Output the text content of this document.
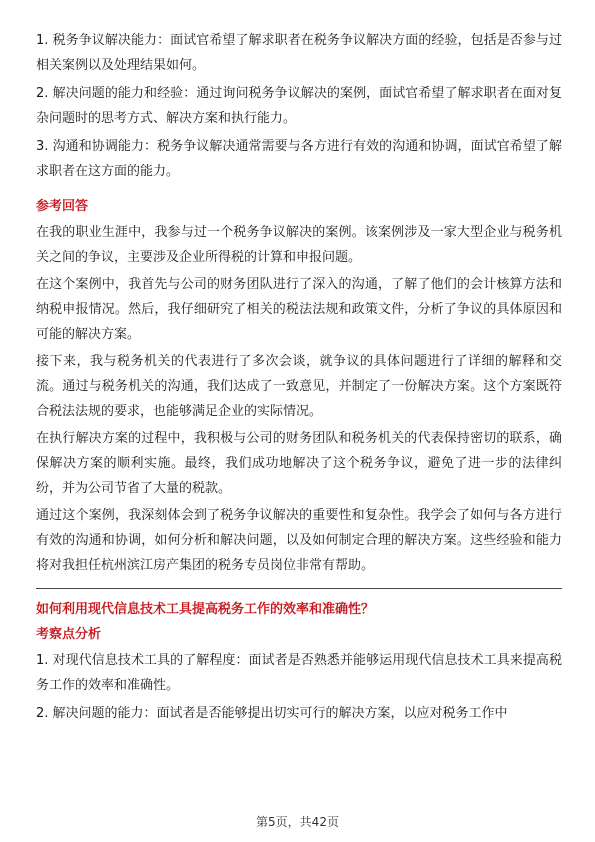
1. 税务争议解决能力：面试官希望了解求职者在税务争议解决方面的经验，包括是否参与过相关案例以及处理结果如何。

2. 解决问题的能力和经验：通过询问税务争议解决的案例，面试官希望了解求职者在面对复杂问题时的思考方式、解决方案和执行能力。

3. 沟通和协调能力：税务争议解决通常需要与各方进行有效的沟通和协调，面试官希望了解求职者在这方面的能力。

参考回答

在我的职业生涯中，我参与过一个税务争议解决的案例。该案例涉及一家大型企业与税务机关之间的争议，主要涉及企业所得税的计算和申报问题。

在这个案例中，我首先与公司的财务团队进行了深入的沟通，了解了他们的会计核算方法和纳税申报情况。然后，我仔细研究了相关的税法法规和政策文件，分析了争议的具体原因和可能的解决方案。

接下来，我与税务机关的代表进行了多次会谈，就争议的具体问题进行了详细的解释和交流。通过与税务机关的沟通，我们达成了一致意见，并制定了一份解决方案。这个方案既符合税法法规的要求，也能够满足企业的实际情况。

在执行解决方案的过程中，我积极与公司的财务团队和税务机关的代表保持密切的联系，确保解决方案的顺利实施。最终，我们成功地解决了这个税务争议，避免了进一步的法律纠纷，并为公司节省了大量的税款。

通过这个案例，我深刻体会到了税务争议解决的重要性和复杂性。我学会了如何与各方进行有效的沟通和协调，如何分析和解决问题，以及如何制定合理的解决方案。这些经验和能力将对我担任杭州滨江房产集团的税务专员岗位非常有帮助。

如何利用现代信息技术工具提高税务工作的效率和准确性？
考察点分析

1. 对现代信息技术工具的了解程度：面试者是否熟悉并能够运用现代信息技术工具来提高税务工作的效率和准确性。

2. 解决问题的能力：面试者是否能够提出切实可行的解决方案，以应对税务工作中

第5页，共42页
